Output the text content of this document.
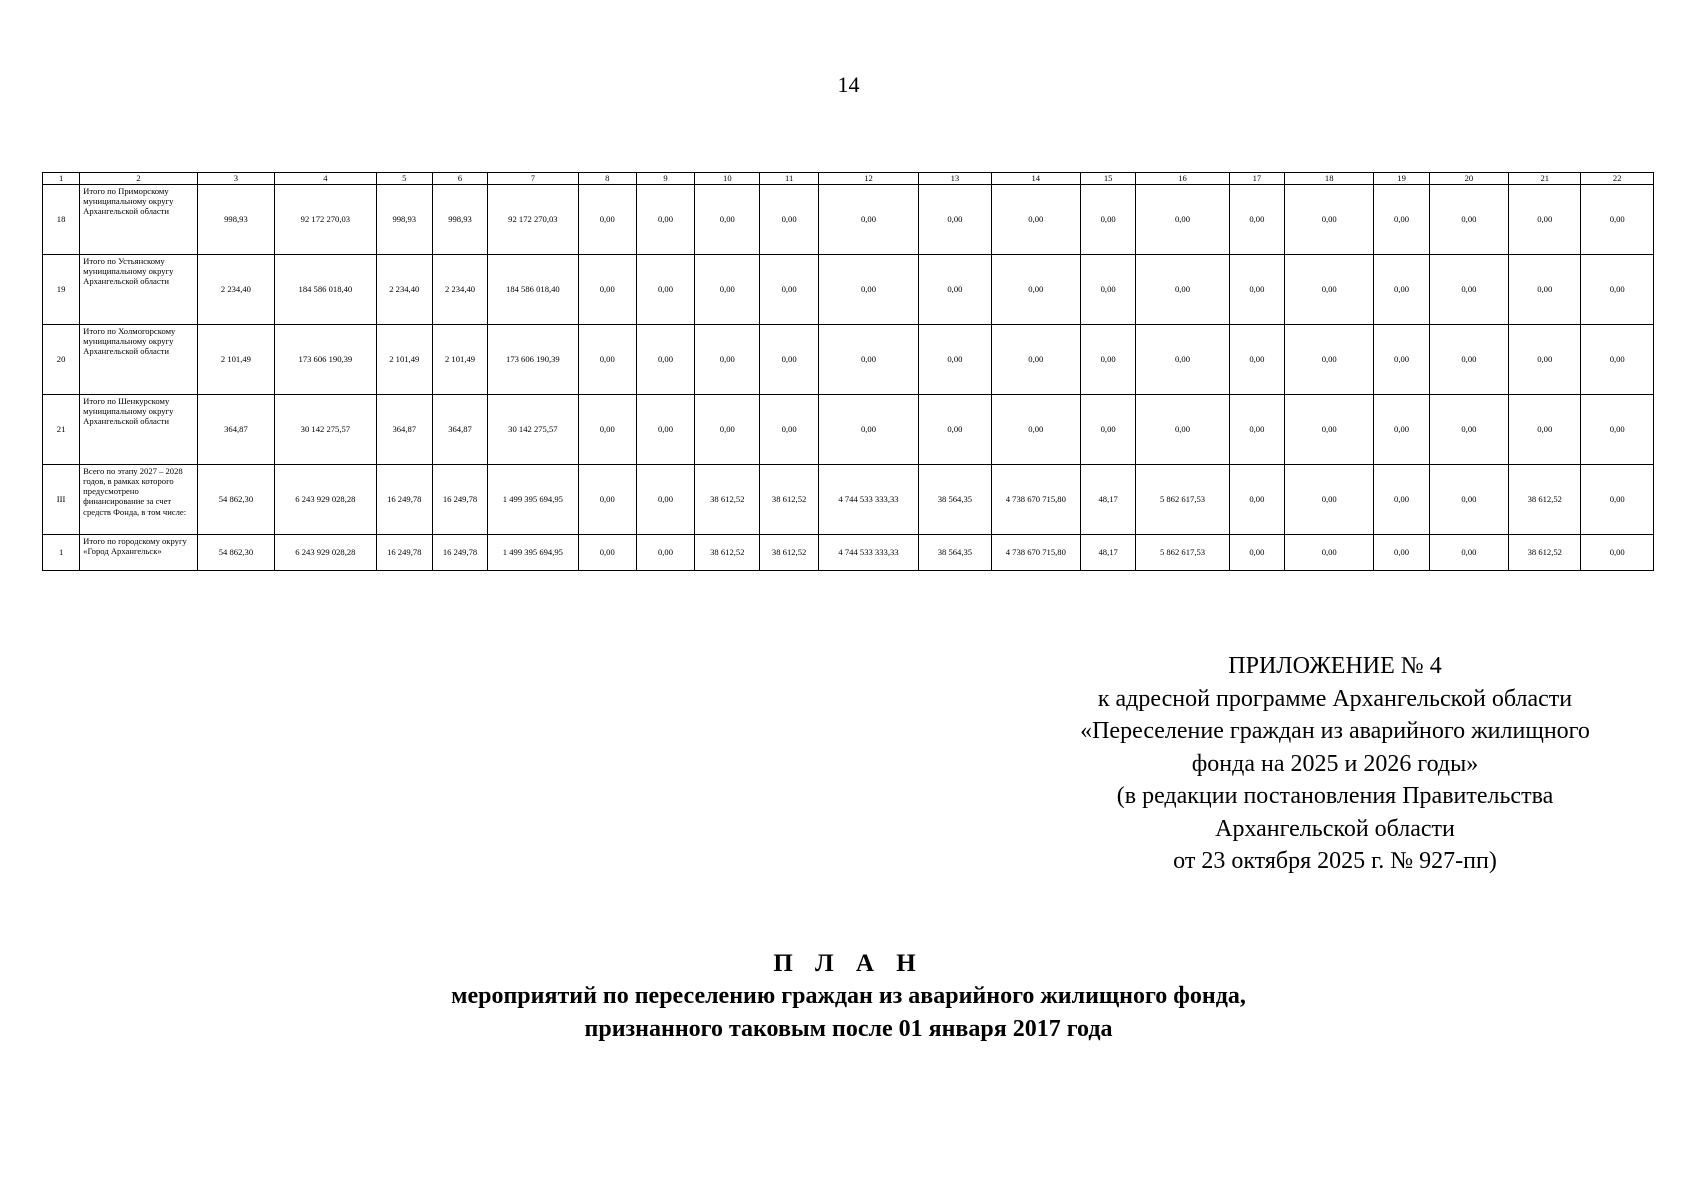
14
1	2	3	4	5	6	7	8	9	10	11	12	13	14	15	16	17	18	19	20	21	22
18	Итого по Приморскому муниципальному округу Архангельской области	998,93	92 172 270,03	998,93	998,93	92 172 270,03	0,00	0,00	0,00	0,00	0,00	0,00	0,00	0,00	0,00	0,00	0,00	0,00	0,00	0,00	0,00
19	Итого по Устьянскому муниципальному округу Архангельской области	2 234,40	184 586 018,40	2 234,40	2 234,40	184 586 018,40	0,00	0,00	0,00	0,00	0,00	0,00	0,00	0,00	0,00	0,00	0,00	0,00	0,00	0,00	0,00
20	Итого по Холмогорскому муниципальному округу Архангельской области	2 101,49	173 606 190,39	2 101,49	2 101,49	173 606 190,39	0,00	0,00	0,00	0,00	0,00	0,00	0,00	0,00	0,00	0,00	0,00	0,00	0,00	0,00	0,00
21	Итого по Шенкурскому муниципальному округу Архангельской области	364,87	30 142 275,57	364,87	364,87	30 142 275,57	0,00	0,00	0,00	0,00	0,00	0,00	0,00	0,00	0,00	0,00	0,00	0,00	0,00	0,00	0,00
III	Всего по этапу 2027 – 2028 годов, в рамках которого предусмотрено финансирование за счет средств Фонда, в том числе:	54 862,30	6 243 929 028,28	16 249,78	16 249,78	1 499 395 694,95	0,00	0,00	38 612,52	38 612,52	4 744 533 333,33	38 564,35	4 738 670 715,80	48,17	5 862 617,53	0,00	0,00	0,00	0,00	38 612,52	0,00
1	Итого по городскому округу «Город Архангельск»	54 862,30	6 243 929 028,28	16 249,78	16 249,78	1 499 395 694,95	0,00	0,00	38 612,52	38 612,52	4 744 533 333,33	38 564,35	4 738 670 715,80	48,17	5 862 617,53	0,00	0,00	0,00	0,00	38 612,52	0,00
ПРИЛОЖЕНИЕ № 4
к адресной программе Архангельской области
«Переселение граждан из аварийного жилищного
фонда на 2025 и 2026 годы»
(в редакции постановления Правительства
Архангельской области
от 23 октября 2025 г. № 927-пп)
П Л А Н
мероприятий по переселению граждан из аварийного жилищного фонда,
признанного таковым после 01 января 2017 года
